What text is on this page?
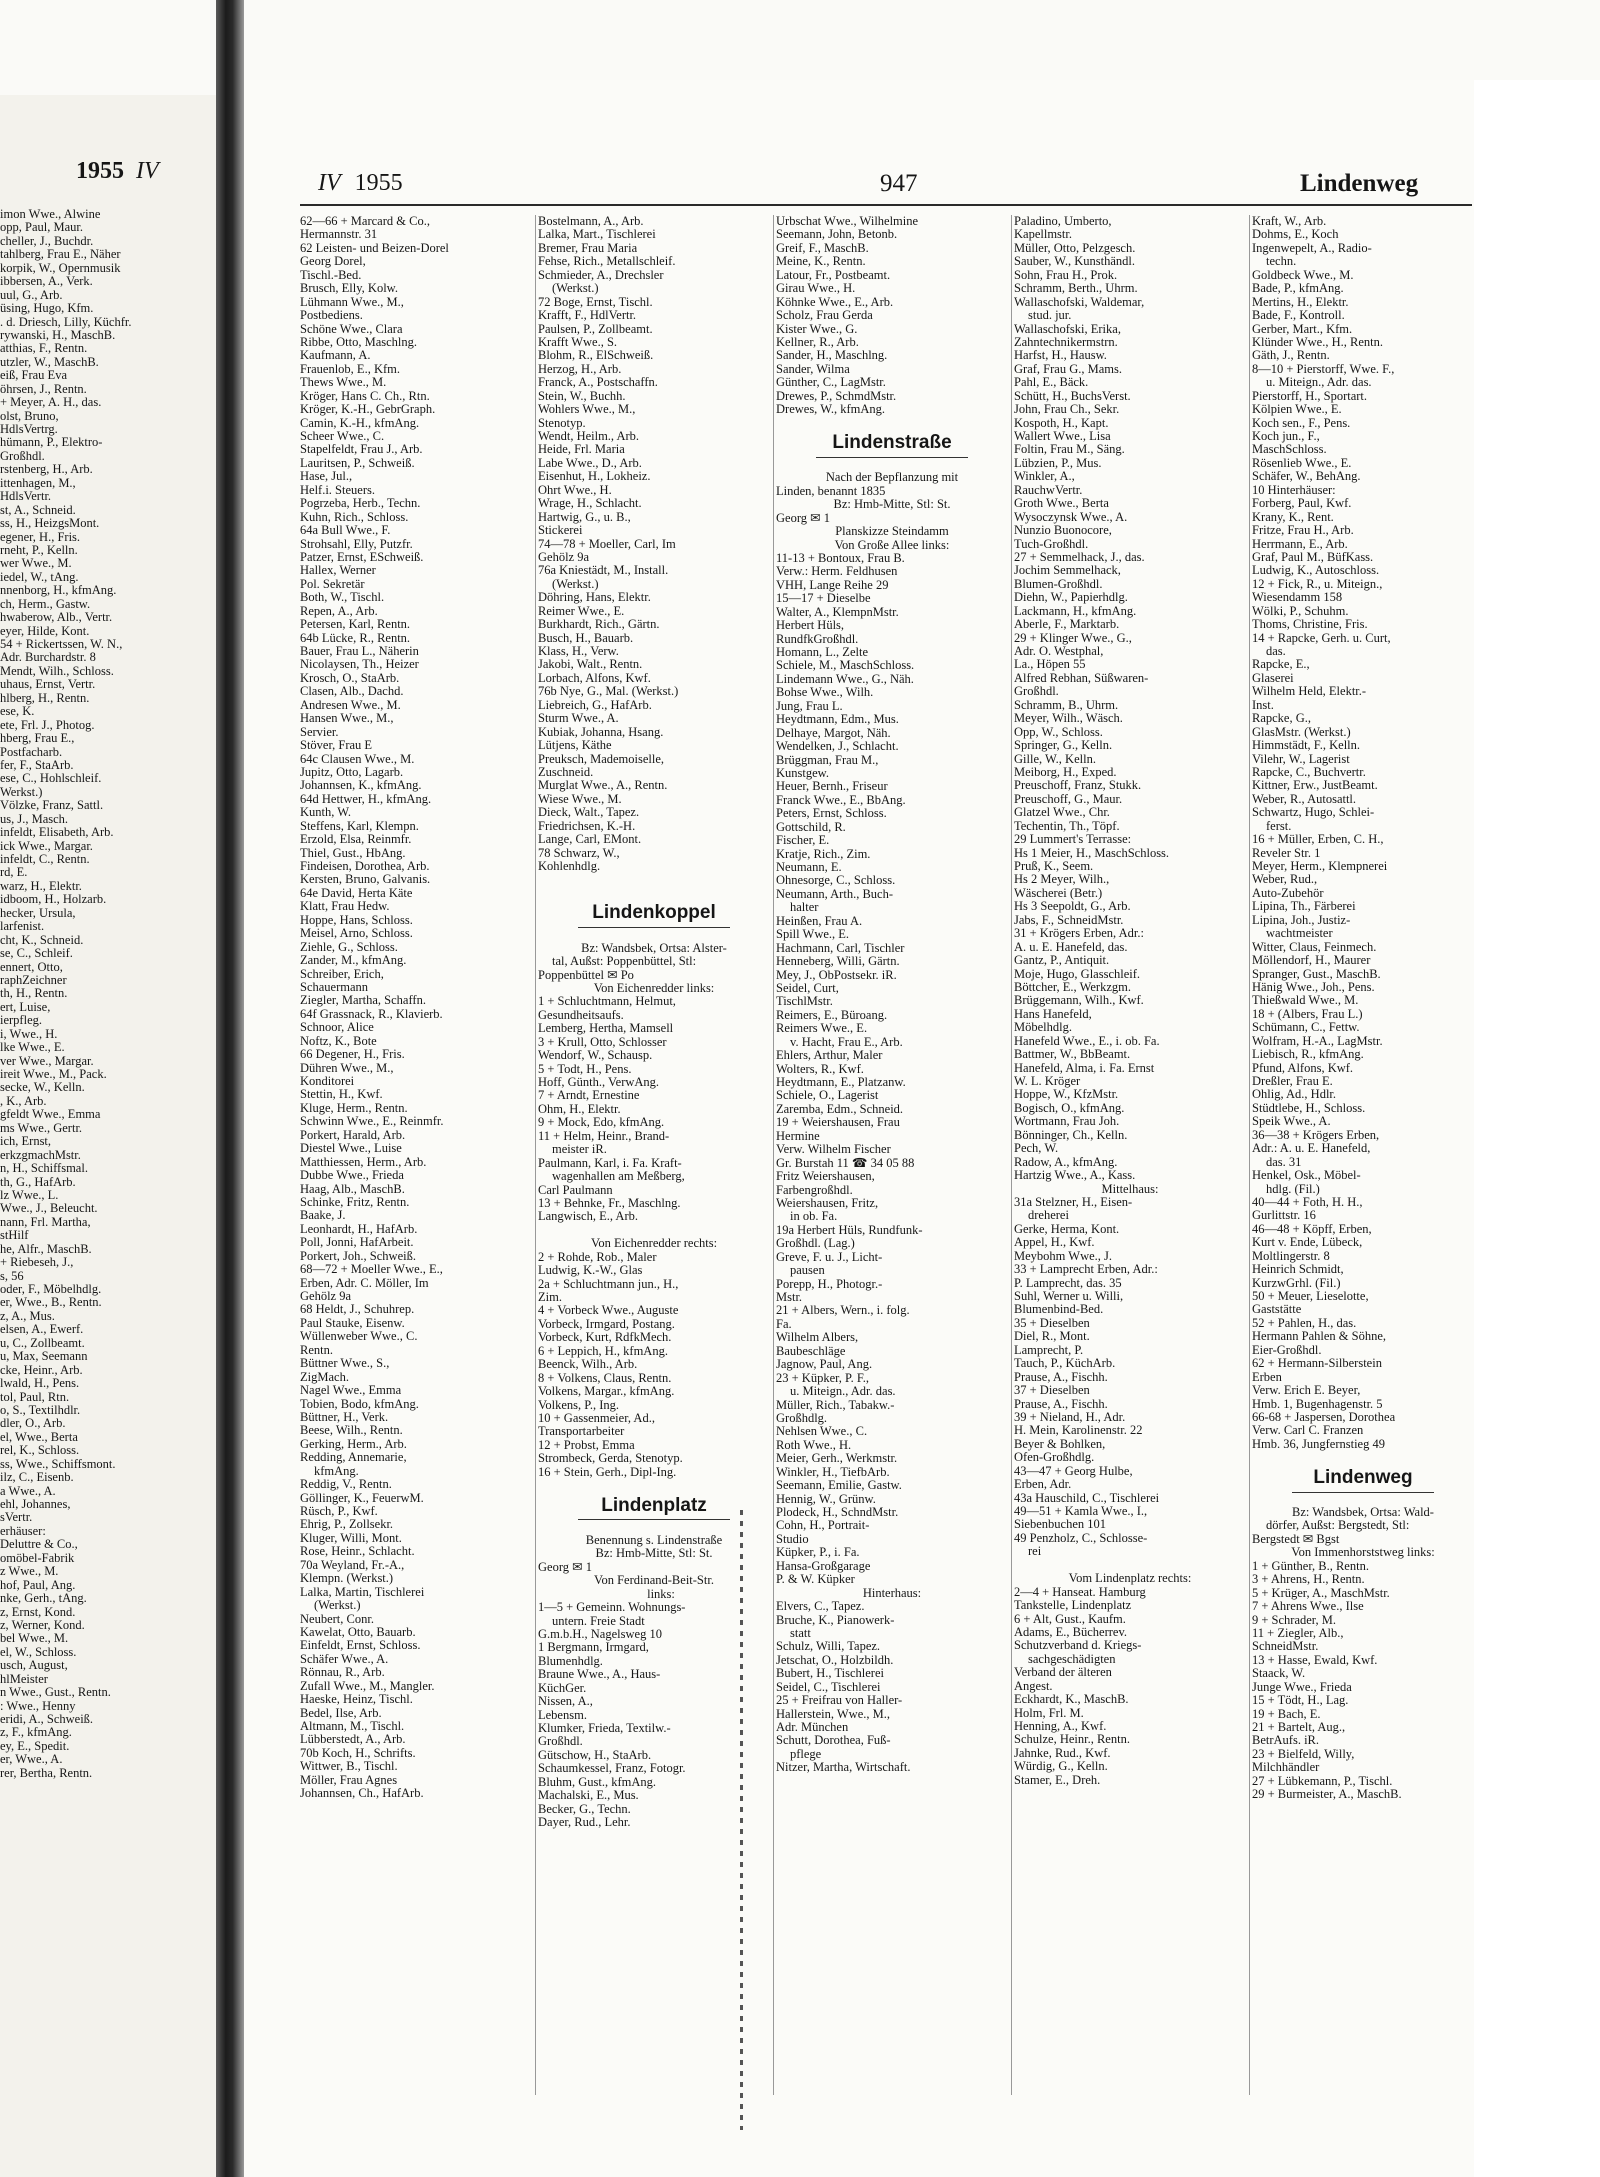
1955 IV
imon Wwe., Alwine
opp, Paul, Maur.
cheller, J., Buchdr.
tahlberg, Frau E., Näher
korpik, W., Opernmusik
ibbersen, A., Verk.
uul, G., Arb.
üsing, Hugo, Kfm.
. d. Driesch, Lilly, Küchfr.
rywanski, H., MaschB.
atthias, F., Rentn.
utzler, W., MaschB.
eiß, Frau Eva
öhrsen, J., Rentn.
+ Meyer, A. H., das.
olst, Bruno,
HdlsVertrg.
hümann, P., Elektro-
Großhdl.
rstenberg, H., Arb.
ittenhagen, M.,
HdlsVertr.
st, A., Schneid.
ss, H., HeizgsMont.
egener, H., Fris.
rneht, P., Kelln.
wer Wwe., M.
iedel, W., tAng.
nnenborg, H., kfmAng.
ch, Herm., Gastw.
hwaberow, Alb., Vertr.
eyer, Hilde, Kont.
54 + Rickertssen, W. N.,
Adr. Burchardstr. 8
Mendt, Wilh., Schloss.
uhaus, Ernst, Vertr.
hlberg, H., Rentn.
ese, K.
ete, Frl. J., Photog.
hberg, Frau E.,
Postfacharb.
fer, F., StaArb.
ese, C., Hohlschleif.
Werkst.)
Völzke, Franz, Sattl.
us, J., Masch.
infeldt, Elisabeth, Arb.
ick Wwe., Margar.
infeldt, C., Rentn.
rd, E.
warz, H., Elektr.
idboom, H., Holzarb.
hecker, Ursula,
larfenist.
cht, K., Schneid.
se, C., Schleif.
ennert, Otto,
raphZeichner
th, H., Rentn.
ert, Luise,
ierpfleg.
i, Wwe., H.
lke Wwe., E.
ver Wwe., Margar.
ireit Wwe., M., Pack.
secke, W., Kelln.
, K., Arb.
gfeldt Wwe., Emma
ms Wwe., Gertr.
ich, Ernst,
erkzgmachMstr.
n, H., Schiffsmal.
th, G., HafArb.
lz Wwe., L.
Wwe., J., Beleucht.
nann, Frl. Martha,
stHilf
he, Alfr., MaschB.
+ Riebeseh, J.,
s, 56
oder, F., Möbelhdlg.
er, Wwe., B., Rentn.
z, A., Mus.
elsen, A., Ewerf.
u, C., Zollbeamt.
u, Max, Seemann
cke, Heinr., Arb.
lwald, H., Pens.
tol, Paul, Rtn.
o, S., Textilhdlr.
dler, O., Arb.
el, Wwe., Berta
rel, K., Schloss.
ss, Wwe., Schiffsmont.
ilz, C., Eisenb.
a Wwe., A.
ehl, Johannes,
sVertr.
erhäuser:
Deluttre & Co.,
omöbel-Fabrik
z Wwe., M.
hof, Paul, Ang.
nke, Gerh., tAng.
z, Ernst, Kond.
z, Werner, Kond.
bel Wwe., M.
el, W., Schloss.
usch, August,
hlMeister
n Wwe., Gust., Rentn.
: Wwe., Henny
eridi, A., Schweiß.
z, F., kfmAng.
ey, E., Spedit.
er, Wwe., A.
rer, Bertha, Rentn.
IV 1955	947	Lindenweg
62—66 + Marcard & Co.,
Hermannstr. 31
62 Leisten- und Beizen-Dorel
Georg Dorel,
Tischl.-Bed.
Brusch, Elly, Kolw.
Lühmann Wwe., M.,
Postbediens.
Schöne Wwe., Clara
Ribbe, Otto, Maschlng.
Kaufmann, A.
Frauenlob, E., Kfm.
Thews Wwe., M.
Kröger, Hans C. Ch., Rtn.
Kröger, K.-H., GebrGraph.
Camin, K.-H., kfmAng.
Scheer Wwe., C.
Stapelfeldt, Frau J., Arb.
Lauritsen, P., Schweiß.
Hase, Jul.,
Helf.i. Steuers.
Pogrzeba, Herb., Techn.
Kuhn, Rich., Schloss.
64a Bull Wwe., F.
Strohsahl, Elly, Putzfr.
Patzer, Ernst, ESchweiß.
Hallex, Werner
Pol. Sekretär
Both, W., Tischl.
Repen, A., Arb.
Petersen, Karl, Rentn.
64b Lücke, R., Rentn.
Bauer, Frau L., Näherin
Nicolaysen, Th., Heizer
Krosch, O., StaArb.
Clasen, Alb., Dachd.
Andresen Wwe., M.
Hansen Wwe., M.,
Servier.
Stöver, Frau E
64c Clausen Wwe., M.
Jupitz, Otto, Lagarb.
Johannsen, K., kfmAng.
64d Hettwer, H., kfmAng.
Kunth, W.
Steffens, Karl, Klempn.
Erzold, Elsa, Reinmfr.
Thiel, Gust., HbAng.
Findeisen, Dorothea, Arb.
Kersten, Bruno, Galvanis.
64e David, Herta Käte
Klatt, Frau Hedw.
Hoppe, Hans, Schloss.
Meisel, Arno, Schloss.
Ziehle, G., Schloss.
Zander, M., kfmAng.
Schreiber, Erich,
Schauermann
Ziegler, Martha, Schaffn.
64f Grassnack, R., Klavierb.
Schnoor, Alice
Noftz, K., Bote
66 Degener, H., Fris.
Dühren Wwe., M.,
Konditorei
Stettin, H., Kwf.
Kluge, Herm., Rentn.
Schwinn Wwe., E., Reinmfr.
Porkert, Harald, Arb.
Diestel Wwe., Luise
Matthiessen, Herm., Arb.
Dubbe Wwe., Frieda
Haag, Alb., MaschB.
Schinke, Fritz, Rentn.
Baake, J.
Leonhardt, H., HafArb.
Poll, Jonni, HafArbeit.
Porkert, Joh., Schweiß.
68—72 + Moeller Wwe., E.,
Erben, Adr. C. Möller, Im
Gehölz 9a
68 Heldt, J., Schuhrep.
Paul Stauke, Eisenw.
Wüllenweber Wwe., C.
Rentn.
Büttner Wwe., S.,
ZigMach.
Nagel Wwe., Emma
Tobien, Bodo, kfmAng.
Büttner, H., Verk.
Beese, Wilh., Rentn.
Gerking, Herm., Arb.
Redding, Annemarie,
kfmAng.
Reddig, V., Rentn.
Göllinger, K., FeuerwM.
Rüsch, P., Kwf.
Ehrig, P., Zollsekr.
Kluger, Willi, Mont.
Rose, Heinr., Schlacht.
70a Weyland, Fr.-A.,
Klempn. (Werkst.)
Lalka, Martin, Tischlerei
(Werkst.)
Neubert, Conr.
Kawelat, Otto, Bauarb.
Einfeldt, Ernst, Schloss.
Schäfer Wwe., A.
Rönnau, R., Arb.
Zufall Wwe., M., Mangler.
Haeske, Heinz, Tischl.
Bedel, Ilse, Arb.
Altmann, M., Tischl.
Lübberstedt, A., Arb.
70b Koch, H., Schrifts.
Wittwer, B., Tischl.
Möller, Frau Agnes
Johannsen, Ch., HafArb.
Bostelmann, A., Arb.
Lalka, Mart., Tischlerei
Bremer, Frau Maria
Fehse, Rich., Metallschleif.
Schmieder, A., Drechsler
(Werkst.)
72 Boge, Ernst, Tischl.
Krafft, F., HdlVertr.
Paulsen, P., Zollbeamt.
Krafft Wwe., S.
Blohm, R., ElSchweiß.
Herzog, H., Arb.
Franck, A., Postschaffn.
Stein, W., Buchh.
Wohlers Wwe., M.,
Stenotyp.
Wendt, Heilm., Arb.
Heide, Frl. Maria
Labe Wwe., D., Arb.
Eisenhut, H., Lokheiz.
Ohrt Wwe., H.
Wrage, H., Schlacht.
Hartwig, G., u. B.,
Stickerei
74—78 + Moeller, Carl, Im
Gehölz 9a
76a Kniestädt, M., Install.
(Werkst.)
Döhring, Hans, Elektr.
Reimer Wwe., E.
Burkhardt, Rich., Gärtn.
Busch, H., Bauarb.
Klass, H., Verw.
Jakobi, Walt., Rentn.
Lorbach, Alfons, Kwf.
76b Nye, G., Mal. (Werkst.)
Liebreich, G., HafArb.
Sturm Wwe., A.
Kubiak, Johanna, Hsang.
Lütjens, Käthe
Preuksch, Mademoiselle,
Zuschneid.
Murglat Wwe., A., Rentn.
Wiese Wwe., M.
Dieck, Walt., Tapez.
Friedrichsen, K.-H.
Lange, Carl, EMont.
78 Schwarz, W.,
Kohlenhdlg.
Lindenkoppel
Bz: Wandsbek, Ortsa: Alster-
tal, Außst: Poppenbüttel, Stl:
Poppenbüttel ✉ Po
Von Eichenredder links:
1 + Schluchtmann, Helmut,
Gesundheitsaufs.
Lemberg, Hertha, Mamsell
3 + Krull, Otto, Schlosser
Wendorf, W., Schausp.
5 + Todt, H., Pens.
Hoff, Günth., VerwAng.
7 + Arndt, Ernestine
Ohm, H., Elektr.
9 + Mock, Edo, kfmAng.
11 + Helm, Heinr., Brand-
meister iR.
Paulmann, Karl, i. Fa. Kraft-
wagenhallen am Meßberg,
Carl Paulmann
13 + Behnke, Fr., Maschlng.
Langwisch, E., Arb.
Von Eichenredder rechts:
2 + Rohde, Rob., Maler
Ludwig, K.-W., Glas
2a + Schluchtmann jun., H.,
Zim.
4 + Vorbeck Wwe., Auguste
Vorbeck, Irmgard, Postang.
Vorbeck, Kurt, RdfkMech.
6 + Leppich, H., kfmAng.
Beenck, Wilh., Arb.
8 + Volkens, Claus, Rentn.
Volkens, Margar., kfmAng.
Volkens, P., Ing.
10 + Gassenmeier, Ad.,
Transportarbeiter
12 + Probst, Emma
Strombeck, Gerda, Stenotyp.
16 + Stein, Gerh., Dipl-Ing.
Lindenplatz
Benennung s. Lindenstraße
Bz: Hmb-Mitte, Stl: St.
Georg ✉ 1
Von Ferdinand-Beit-Str.
links:
1—5 + Gemeinn. Wohnungs-
untern. Freie Stadt
G.m.b.H., Nagelsweg 10
1 Bergmann, Irmgard,
Blumenhdlg.
Braune Wwe., A., Haus-
KüchGer.
Nissen, A.,
Lebensm.
Klumker, Frieda, Textilw.-
Großhdl.
Gütschow, H., StaArb.
Schaumkessel, Franz, Fotogr.
Bluhm, Gust., kfmAng.
Machalski, E., Mus.
Becker, G., Techn.
Dayer, Rud., Lehr.
Urbschat Wwe., Wilhelmine
Seemann, John, Betonb.
Greif, F., MaschB.
Meine, K., Rentn.
Latour, Fr., Postbeamt.
Girau Wwe., H.
Köhnke Wwe., E., Arb.
Scholz, Frau Gerda
Kister Wwe., G.
Kellner, R., Arb.
Sander, H., Maschlng.
Sander, Wilma
Günther, C., LagMstr.
Drewes, P., SchmdMstr.
Drewes, W., kfmAng.
Lindenstraße
Nach der Bepflanzung mit
Linden, benannt 1835
Bz: Hmb-Mitte, Stl: St.
Georg ✉ 1
Planskizze Steindamm
Von Große Allee links:
11-13 + Bontoux, Frau B.
Verw.: Herm. Feldhusen
VHH, Lange Reihe 29
15—17 + Dieselbe
Walter, A., KlempnMstr.
Herbert Hüls,
RundfkGroßhdl.
Homann, L., Zelte
Schiele, M., MaschSchloss.
Lindemann Wwe., G., Näh.
Bohse Wwe., Wilh.
Jung, Frau L.
Heydtmann, Edm., Mus.
Delhaye, Margot, Näh.
Wendelken, J., Schlacht.
Brüggman, Frau M.,
Kunstgew.
Heuer, Bernh., Friseur
Franck Wwe., E., BbAng.
Peters, Ernst, Schloss.
Gottschild, R.
Fischer, E.
Kratje, Rich., Zim.
Neumann, E.
Ohnesorge, C., Schloss.
Neumann, Arth., Buch-
halter
Heinßen, Frau A.
Spill Wwe., E.
Hachmann, Carl, Tischler
Henneberg, Willi, Gärtn.
Mey, J., ObPostsekr. iR.
Seidel, Curt,
TischlMstr.
Reimers, E., Büroang.
Reimers Wwe., E.
v. Hacht, Frau E., Arb.
Ehlers, Arthur, Maler
Wolters, R., Kwf.
Heydtmann, E., Platzanw.
Schiele, O., Lagerist
Zaremba, Edm., Schneid.
19 + Weiershausen, Frau
Hermine
Verw. Wilhelm Fischer
Gr. Burstah 11 ☎ 34 05 88
Fritz Weiershausen,
Farbengroßhdl.
Weiershausen, Fritz,
in ob. Fa.
19a Herbert Hüls, Rundfunk-
Großhdl. (Lag.)
Greve, F. u. J., Licht-
pausen
Porepp, H., Photogr.-
Mstr.
21 + Albers, Wern., i. folg.
Fa.
Wilhelm Albers,
Baubeschläge
Jagnow, Paul, Ang.
23 + Küpker, P. F.,
u. Miteign., Adr. das.
Müller, Rich., Tabakw.-
Großhdlg.
Nehlsen Wwe., C.
Roth Wwe., H.
Meier, Gerh., Werkmstr.
Winkler, H., TiefbArb.
Seemann, Emilie, Gastw.
Hennig, W., Grünw.
Plodeck, H., SchndMstr.
Cohn, H., Portrait-
Studio
Küpker, P., i. Fa.
Hansa-Großgarage
P. & W. Küpker
Hinterhaus:
Elvers, C., Tapez.
Bruche, K., Pianowerk-
statt
Schulz, Willi, Tapez.
Jetschat, O., Holzbildh.
Bubert, H., Tischlerei
Seidel, C., Tischlerei
25 + Freifrau von Haller-
Hallerstein, Wwe., M.,
Adr. München
Schutt, Dorothea, Fuß-
pflege
Nitzer, Martha, Wirtschaft.
Paladino, Umberto,
Kapellmstr.
Müller, Otto, Pelzgesch.
Sauber, W., Kunsthändl.
Sohn, Frau H., Prok.
Schramm, Berth., Uhrm.
Wallaschofski, Waldemar,
stud. jur.
Wallaschofski, Erika,
Zahntechnikermstrn.
Harfst, H., Hausw.
Graf, Frau G., Mams.
Pahl, E., Bäck.
Schütt, H., BuchsVerst.
John, Frau Ch., Sekr.
Kospoth, H., Kapt.
Wallert Wwe., Lisa
Foltin, Frau M., Säng.
Lübzien, P., Mus.
Winkler, A.,
RauchwVertr.
Groth Wwe., Berta
Wysoczynsk Wwe., A.
Nunzio Buonocore,
Tuch-Großhdl.
27 + Semmelhack, J., das.
Jochim Semmelhack,
Blumen-Großhdl.
Diehn, W., Papierhdlg.
Lackmann, H., kfmAng.
Aberle, F., Marktarb.
29 + Klinger Wwe., G.,
Adr. O. Westphal,
La., Höpen 55
Alfred Rebhan, Süßwaren-
Großhdl.
Schramm, B., Uhrm.
Meyer, Wilh., Wäsch.
Opp, W., Schloss.
Springer, G., Kelln.
Gille, W., Kelln.
Meiborg, H., Exped.
Preuschoff, Franz, Stukk.
Preuschoff, G., Maur.
Glatzel Wwe., Chr.
Techentin, Th., Töpf.
29 Lummert's Terrasse:
Hs 1 Meier, H., MaschSchloss.
Pruß, K., Seem.
Hs 2 Meyer, Wilh.,
Wäscherei (Betr.)
Hs 3 Seepoldt, G., Arb.
Jabs, F., SchneidMstr.
31 + Krögers Erben, Adr.:
A. u. E. Hanefeld, das.
Gantz, P., Antiquit.
Moje, Hugo, Glasschleif.
Böttcher, E., Werkzgm.
Brüggemann, Wilh., Kwf.
Hans Hanefeld,
Möbelhdlg.
Hanefeld Wwe., E., i. ob. Fa.
Battmer, W., BbBeamt.
Hanefeld, Alma, i. Fa. Ernst
W. L. Kröger
Hoppe, W., KfzMstr.
Bogisch, O., kfmAng.
Wortmann, Frau Joh.
Bönninger, Ch., Kelln.
Pech, W.
Radow, A., kfmAng.
Hartzig Wwe., A., Kass.
Mittelhaus:
31a Stelzner, H., Eisen-
dreherei
Gerke, Herma, Kont.
Appel, H., Kwf.
Meybohm Wwe., J.
33 + Lamprecht Erben, Adr.:
P. Lamprecht, das. 35
Suhl, Werner u. Willi,
Blumenbind-Bed.
35 + Dieselben
Diel, R., Mont.
Lamprecht, P.
Tauch, P., KüchArb.
Prause, A., Fischh.
37 + Dieselben
Prause, A., Fischh.
39 + Nieland, H., Adr.
H. Mein, Karolinenstr. 22
Beyer & Bohlken,
Ofen-Großhdlg.
43—47 + Georg Hulbe,
Erben, Adr.
43a Hauschild, C., Tischlerei
49—51 + Kamla Wwe., I.,
Siebenbuchen 101
49 Penzholz, C., Schlosse-
rei
Vom Lindenplatz rechts:
2—4 + Hanseat. Hamburg
Tankstelle, Lindenplatz
6 + Alt, Gust., Kaufm.
Adams, E., Bücherrev.
Schutzverband d. Kriegs-
sachgeschädigten
Verband der älteren
Angest.
Eckhardt, K., MaschB.
Holm, Frl. M.
Henning, A., Kwf.
Schulze, Heinr., Rentn.
Jahnke, Rud., Kwf.
Würdig, G., Kelln.
Stamer, E., Dreh.
Kraft, W., Arb.
Dohms, E., Koch
Ingenwepelt, A., Radio-
techn.
Goldbeck Wwe., M.
Bade, P., kfmAng.
Mertins, H., Elektr.
Bade, F., Kontroll.
Gerber, Mart., Kfm.
Klünder Wwe., H., Rentn.
Gäth, J., Rentn.
8—10 + Pierstorff, Wwe. F.,
u. Miteign., Adr. das.
Pierstorff, H., Sportart.
Kölpien Wwe., E.
Koch sen., F., Pens.
Koch jun., F.,
MaschSchloss.
Rösenlieb Wwe., E.
Schäfer, W., BehAng.
10 Hinterhäuser:
Forberg, Paul, Kwf.
Krany, K., Rent.
Fritze, Frau H., Arb.
Herrmann, E., Arb.
Graf, Paul M., BüfKass.
Ludwig, K., Autoschloss.
12 + Fick, R., u. Miteign.,
Wiesendamm 158
Wölki, P., Schuhm.
Thoms, Christine, Fris.
14 + Rapcke, Gerh. u. Curt,
das.
Rapcke, E.,
Glaserei
Wilhelm Held, Elektr.-
Inst.
Rapcke, G.,
GlasMstr. (Werkst.)
Himmstädt, F., Kelln.
Vilehr, W., Lagerist
Rapcke, C., Buchvertr.
Kittner, Erw., JustBeamt.
Weber, R., Autosattl.
Schwartz, Hugo, Schlei-
ferst.
16 + Müller, Erben, C. H.,
Reveler Str. 1
Meyer, Herm., Klempnerei
Weber, Rud.,
Auto-Zubehör
Lipina, Th., Färberei
Lipina, Joh., Justiz-
wachtmeister
Witter, Claus, Feinmech.
Möllendorf, H., Maurer
Spranger, Gust., MaschB.
Hänig Wwe., Joh., Pens.
Thießwald Wwe., M.
18 + (Albers, Frau L.)
Schümann, C., Fettw.
Wolfram, H.-A., LagMstr.
Liebisch, R., kfmAng.
Pfund, Alfons, Kwf.
Dreßler, Frau E.
Ohlig, Ad., Hdlr.
Stüdtlebe, H., Schloss.
Speik Wwe., A.
36—38 + Krögers Erben,
Adr.: A. u. E. Hanefeld,
das. 31
Henkel, Osk., Möbel-
hdlg. (Fil.)
40—44 + Foth, H. H.,
Gurlittstr. 16
46—48 + Köpff, Erben,
Kurt v. Ende, Lübeck,
Moltlingerstr. 8
Heinrich Schmidt,
KurzwGrhl. (Fil.)
50 + Meuer, Lieselotte,
Gaststätte
52 + Pahlen, H., das.
Hermann Pahlen & Söhne,
Eier-Großhdl.
62 + Hermann-Silberstein
Erben
Verw. Erich E. Beyer,
Hmb. 1, Bugenhagenstr. 5
66-68 + Jaspersen, Dorothea
Verw. Carl C. Franzen
Hmb. 36, Jungfernstieg 49
Lindenweg
Bz: Wandsbek, Ortsa: Wald-
dörfer, Außst: Bergstedt, Stl:
Bergstedt ✉ Bgst
Von Immenhorststweg links:
1 + Günther, B., Rentn.
3 + Ahrens, H., Rentn.
5 + Krüger, A., MaschMstr.
7 + Ahrens Wwe., Ilse
9 + Schrader, M.
11 + Ziegler, Alb.,
SchneidMstr.
13 + Hasse, Ewald, Kwf.
Staack, W.
Junge Wwe., Frieda
15 + Tödt, H., Lag.
19 + Bach, E.
21 + Bartelt, Aug.,
BetrAufs. iR.
23 + Bielfeld, Willy,
Milchhändler
27 + Lübkemann, P., Tischl.
29 + Burmeister, A., MaschB.
